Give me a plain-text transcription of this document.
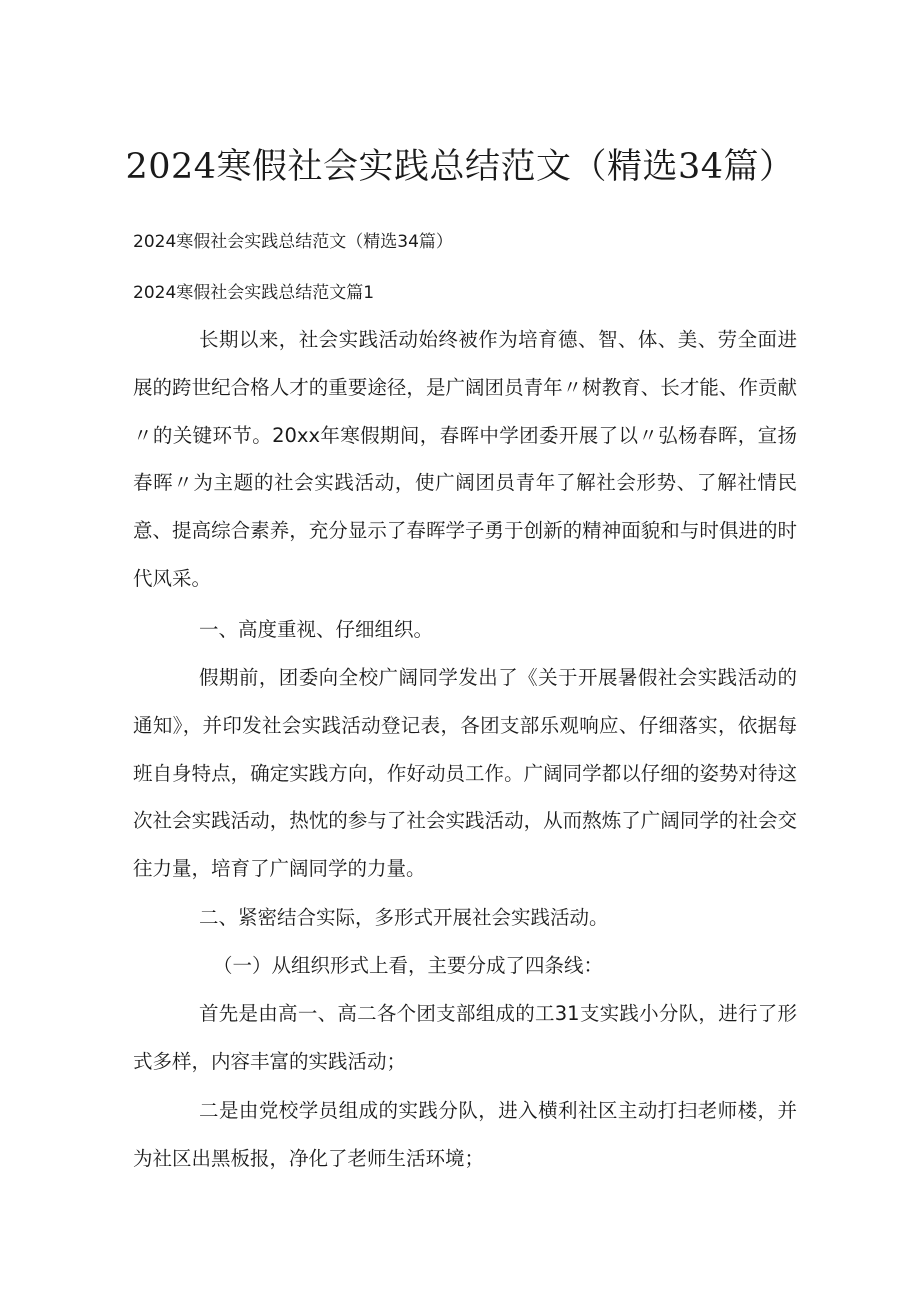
2024寒假社会实践总结范文（精选34篇）

2024寒假社会实践总结范文（精选34篇）

2024寒假社会实践总结范文篇1

长期以来，社会实践活动始终被作为培育德、智、体、美、劳全面进展的跨世纪合格人才的重要途径，是广阔团员青年〃树教育、长才能、作贡献〃的关键环节。20xx年寒假期间，春晖中学团委开展了以〃弘杨春晖，宣扬春晖〃为主题的社会实践活动，使广阔团员青年了解社会形势、了解社情民意、提高综合素养，充分显示了春晖学子勇于创新的精神面貌和与时俱进的时代风采。

一、高度重视、仔细组织。

假期前，团委向全校广阔同学发出了《关于开展暑假社会实践活动的通知》，并印发社会实践活动登记表，各团支部乐观响应、仔细落实，依据每班自身特点，确定实践方向，作好动员工作。广阔同学都以仔细的姿势对待这次社会实践活动，热忱的参与了社会实践活动，从而熬炼了广阔同学的社会交往力量，培育了广阔同学的力量。

二、紧密结合实际，多形式开展社会实践活动。

（一）从组织形式上看，主要分成了四条线：

首先是由高一、高二各个团支部组成的工31支实践小分队，进行了形式多样，内容丰富的实践活动；

二是由党校学员组成的实践分队，进入横利社区主动打扫老师楼，并为社区出黑板报，净化了老师生活环境；
